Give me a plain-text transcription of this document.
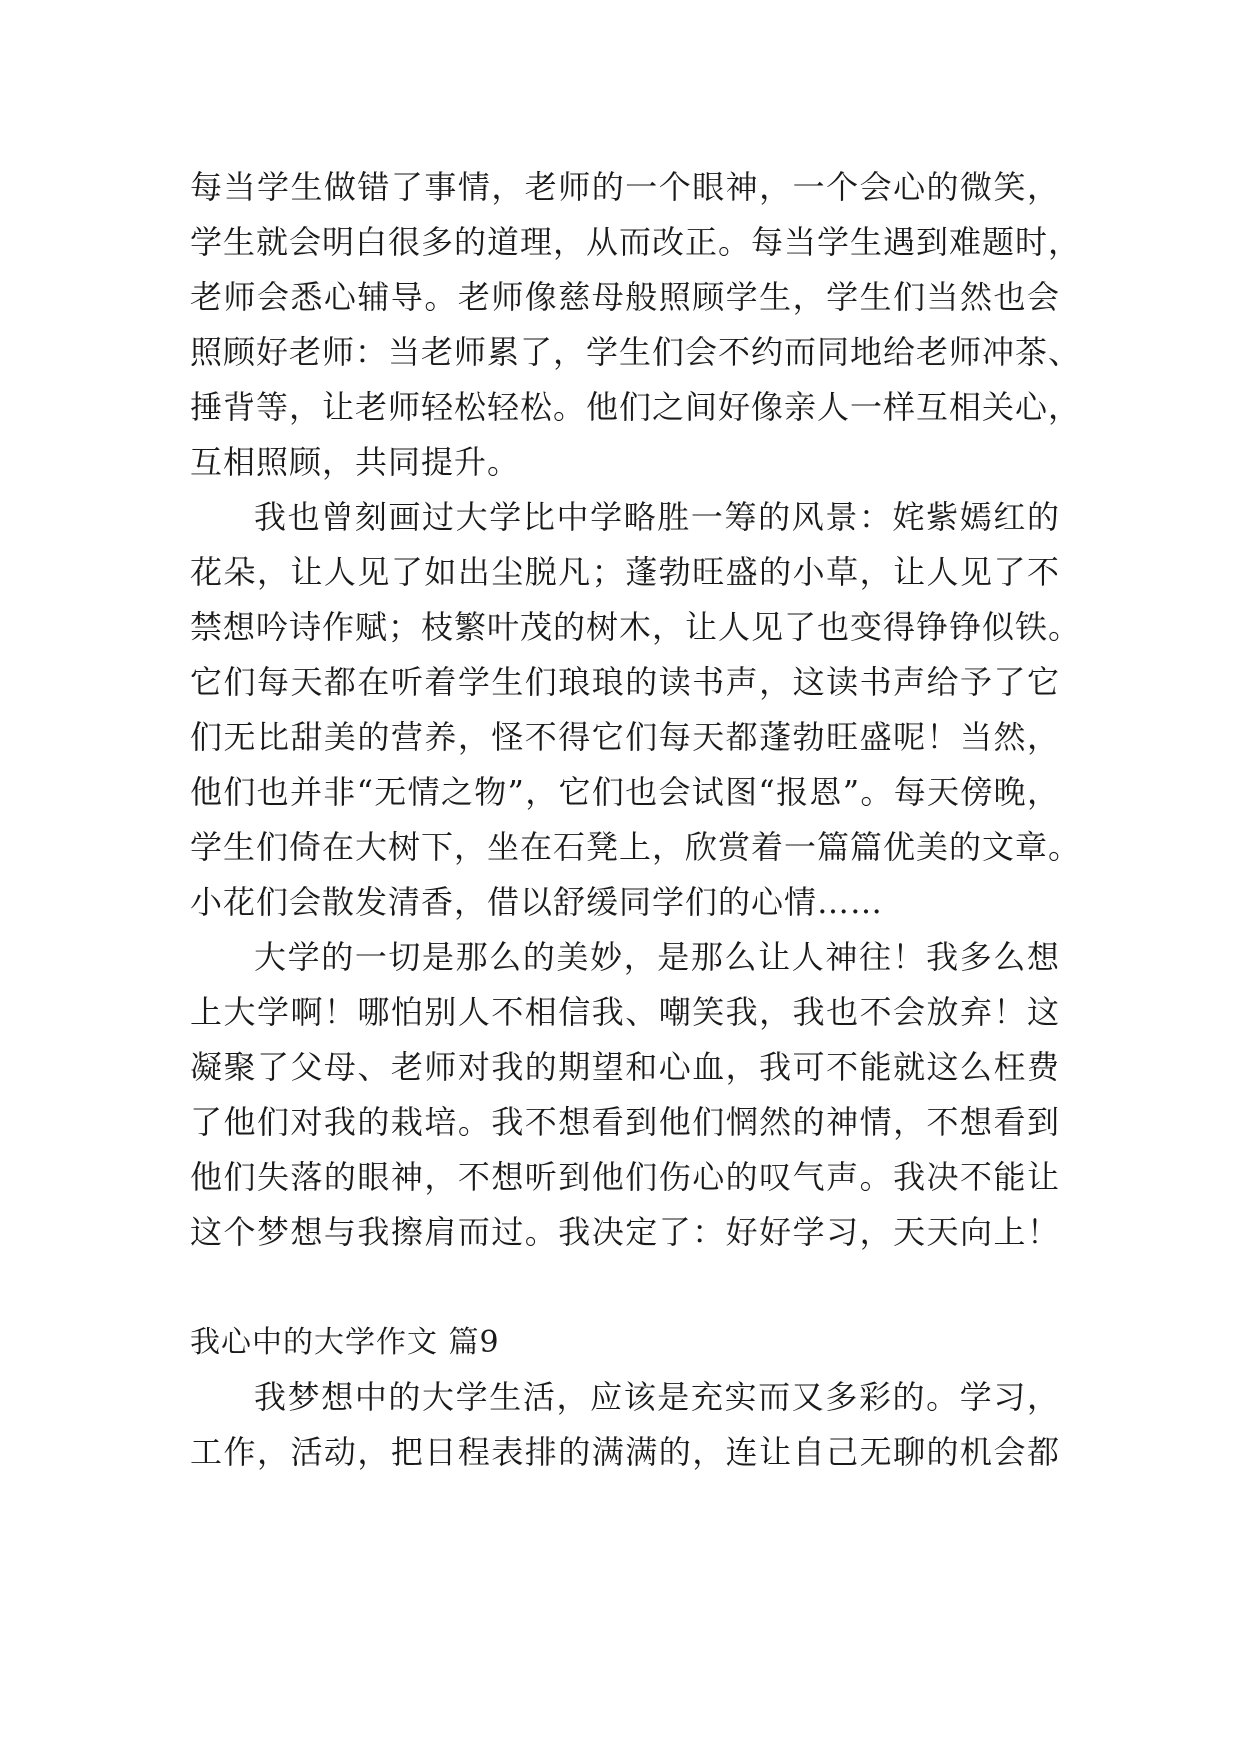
每当学生做错了事情，老师的一个眼神，一个会心的微笑，
学生就会明白很多的道理，从而改正。每当学生遇到难题时，
老师会悉心辅导。老师像慈母般照顾学生，学生们当然也会
照顾好老师：当老师累了，学生们会不约而同地给老师冲茶、
捶背等，让老师轻松轻松。他们之间好像亲人一样互相关心，
互相照顾，共同提升。
我也曾刻画过大学比中学略胜一筹的风景：姹紫嫣红的
花朵，让人见了如出尘脱凡；蓬勃旺盛的小草，让人见了不
禁想吟诗作赋；枝繁叶茂的树木，让人见了也变得铮铮似铁。
它们每天都在听着学生们琅琅的读书声，这读书声给予了它
们无比甜美的营养，怪不得它们每天都蓬勃旺盛呢！当然，
他们也并非“无情之物”，它们也会试图“报恩”。每天傍晚，
学生们倚在大树下，坐在石凳上，欣赏着一篇篇优美的文章。
小花们会散发清香，借以舒缓同学们的心情……
大学的一切是那么的美妙，是那么让人神往！我多么想
上大学啊！哪怕别人不相信我、嘲笑我，我也不会放弃！这
凝聚了父母、老师对我的期望和心血，我可不能就这么枉费
了他们对我的栽培。我不想看到他们惘然的神情，不想看到
他们失落的眼神，不想听到他们伤心的叹气声。我决不能让
这个梦想与我擦肩而过。我决定了：好好学习，天天向上！
我心中的大学作文 篇9
我梦想中的大学生活，应该是充实而又多彩的。学习，
工作，活动，把日程表排的满满的，连让自己无聊的机会都
